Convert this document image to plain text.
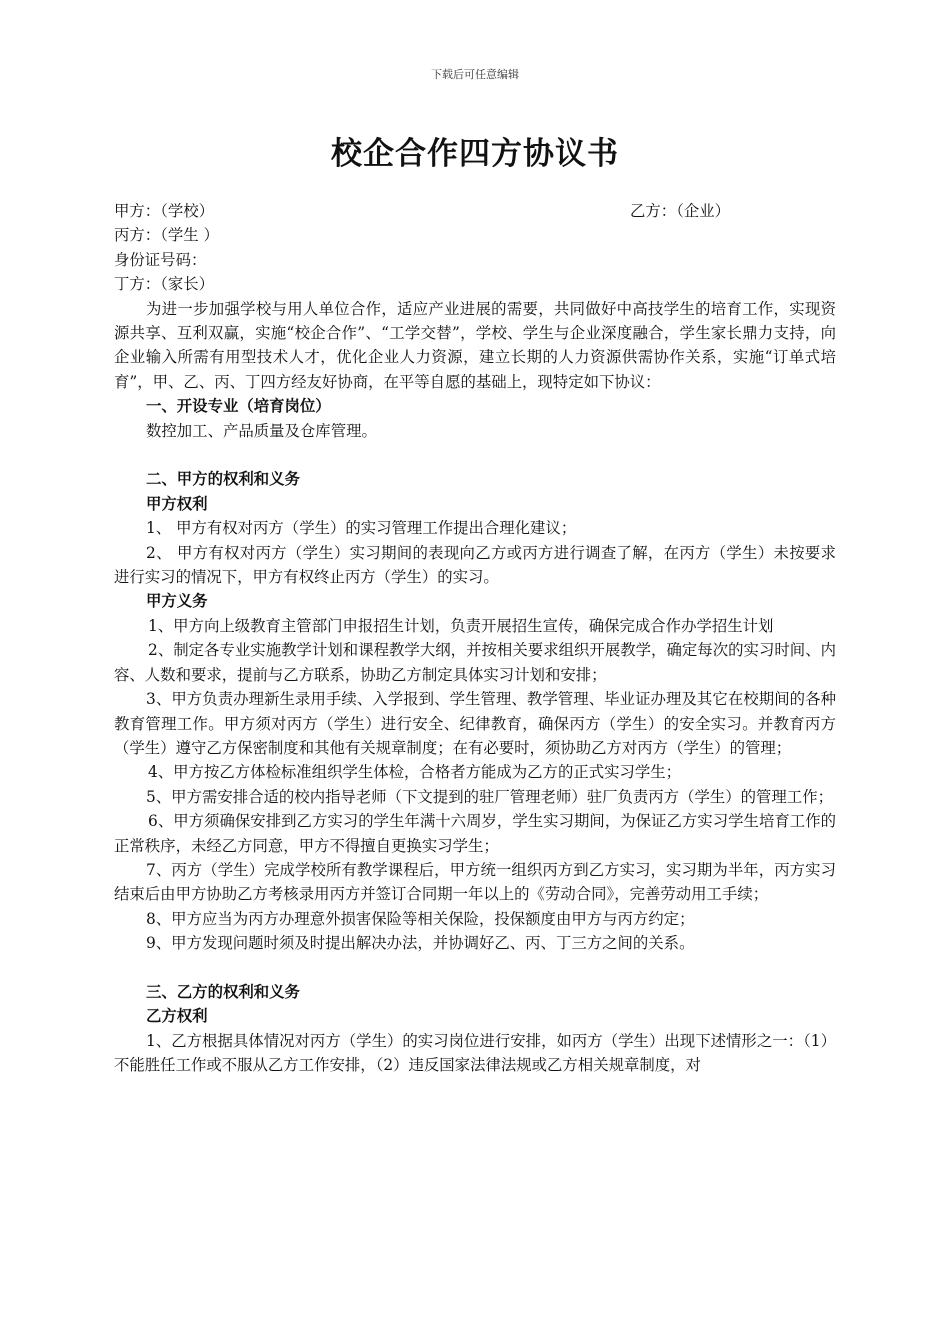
下载后可任意编辑
校企合作四方协议书

甲方：（学校）	乙方：（企业）

丙方：（学生 ）

身份证号码：

丁方：（家长）

为进一步加强学校与用人单位合作，适应产业进展的需要，共同做好中高技学生的培育工作，实现资源共享、互利双赢，实施“校企合作”、“工学交替”，学校、学生与企业深度融合，学生家长鼎力支持，向企业输入所需有用型技术人才，优化企业人力资源，建立长期的人力资源供需协作关系，实施“订单式培育”，甲、乙、丙、丁四方经友好协商，在平等自愿的基础上，现特定如下协议：

一、开设专业（培育岗位）

数控加工、产品质量及仓库管理。

二、甲方的权利和义务

甲方权利

1、 甲方有权对丙方（学生）的实习管理工作提出合理化建议；

2、 甲方有权对丙方（学生）实习期间的表现向乙方或丙方进行调查了解，在丙方（学生）未按要求进行实习的情况下，甲方有权终止丙方（学生）的实习。

甲方义务

1、甲方向上级教育主管部门申报招生计划，负责开展招生宣传，确保完成合作办学招生计划

2、制定各专业实施教学计划和课程教学大纲，并按相关要求组织开展教学，确定每次的实习时间、内容、人数和要求，提前与乙方联系，协助乙方制定具体实习计划和安排；

3、甲方负责办理新生录用手续、入学报到、学生管理、教学管理、毕业证办理及其它在校期间的各种教育管理工作。甲方须对丙方（学生）进行安全、纪律教育，确保丙方（学生）的安全实习。并教育丙方（学生）遵守乙方保密制度和其他有关规章制度；在有必要时，须协助乙方对丙方（学生）的管理；

4、甲方按乙方体检标准组织学生体检，合格者方能成为乙方的正式实习学生；

5、甲方需安排合适的校内指导老师（下文提到的驻厂管理老师）驻厂负责丙方（学生）的管理工作；

6、甲方须确保安排到乙方实习的学生年满十六周岁，学生实习期间，为保证乙方实习学生培育工作的正常秩序，未经乙方同意，甲方不得擅自更换实习学生；

7、丙方（学生）完成学校所有教学课程后，甲方统一组织丙方到乙方实习，实习期为半年，丙方实习结束后由甲方协助乙方考核录用丙方并签订合同期一年以上的《劳动合同》，完善劳动用工手续；

8、甲方应当为丙方办理意外损害保险等相关保险，投保额度由甲方与丙方约定；

9、甲方发现问题时须及时提出解决办法，并协调好乙、丙、丁三方之间的关系。

三、乙方的权利和义务

乙方权利

1、乙方根据具体情况对丙方（学生）的实习岗位进行安排，如丙方（学生）出现下述情形之一：（1）不能胜任工作或不服从乙方工作安排，（2）违反国家法律法规或乙方相关规章制度，对
